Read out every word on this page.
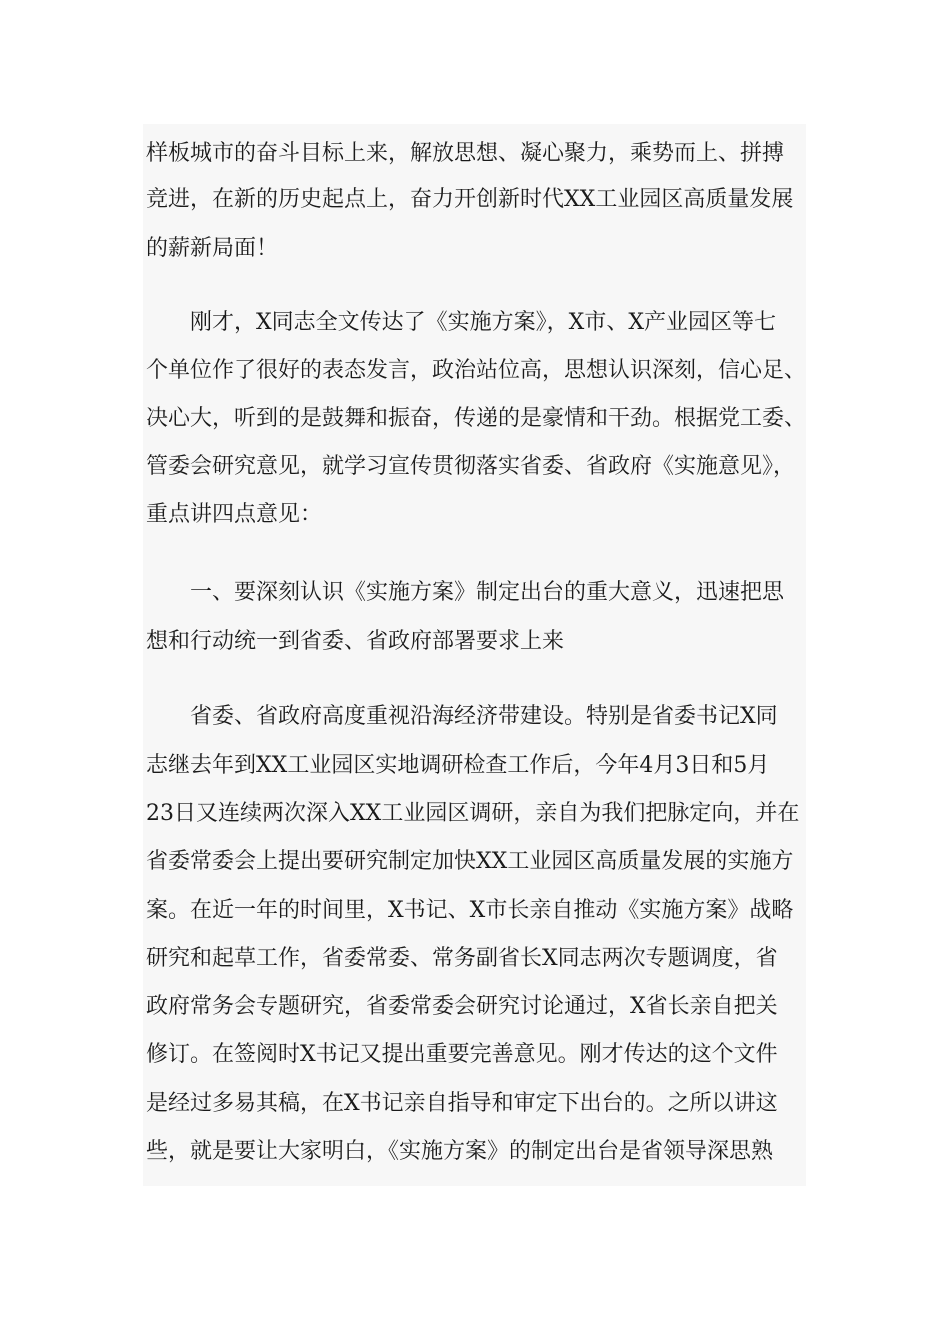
样板城市的奋斗目标上来，解放思想、凝心聚力，乘势而上、拼搏
竞进，在新的历史起点上，奋力开创新时代XX工业园区高质量发展
的薪新局面！
刚才，X同志全文传达了《实施方案》，X市、X产业园区等七
个单位作了很好的表态发言，政治站位高，思想认识深刻，信心足、
决心大，听到的是鼓舞和振奋，传递的是豪情和干劲。根据党工委、
管委会研究意见，就学习宣传贯彻落实省委、省政府《实施意见》，
重点讲四点意见：
一、要深刻认识《实施方案》制定出台的重大意义，迅速把思
想和行动统一到省委、省政府部署要求上来
省委、省政府高度重视沿海经济带建设。特别是省委书记X同
志继去年到XX工业园区实地调研检查工作后，今年4月3日和5月
23日又连续两次深入XX工业园区调研，亲自为我们把脉定向，并在
省委常委会上提出要研究制定加快XX工业园区高质量发展的实施方
案。在近一年的时间里，X书记、X市长亲自推动《实施方案》战略
研究和起草工作，省委常委、常务副省长X同志两次专题调度，省
政府常务会专题研究，省委常委会研究讨论通过，X省长亲自把关
修订。在签阅时X书记又提出重要完善意见。刚才传达的这个文件
是经过多易其稿，在X书记亲自指导和审定下出台的。之所以讲这
些，就是要让大家明白，《实施方案》的制定出台是省领导深思熟
